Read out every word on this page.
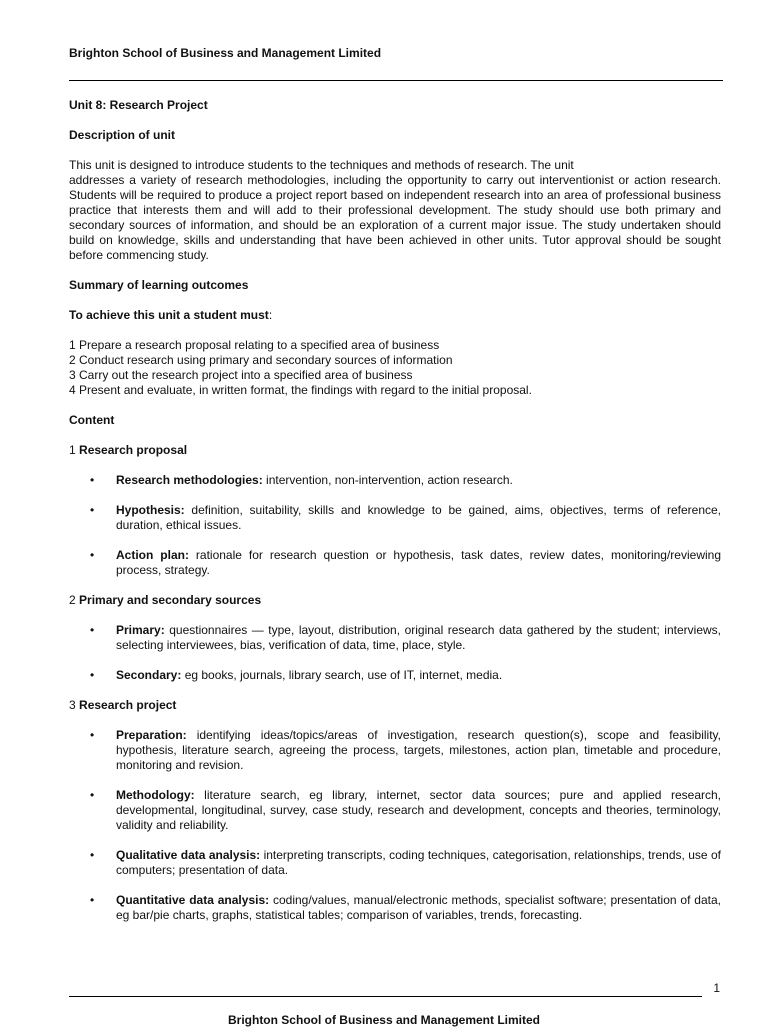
Brighton School of Business and Management Limited

Unit 8: Research Project

Description of unit

This unit is designed to introduce students to the techniques and methods of research. The unit

addresses a variety of research methodologies, including the opportunity to carry out interventionist or action research. Students will be required to produce a project report based on independent research into an area of professional business practice that interests them and will add to their professional development. The study should use both primary and secondary sources of information, and should be an exploration of a current major issue. The study undertaken should build on knowledge, skills and understanding that have been achieved in other units. Tutor approval should be sought before commencing study.

Summary of learning outcomes

To achieve this unit a student must:

1 Prepare a research proposal relating to a specified area of business

2 Conduct research using primary and secondary sources of information

3 Carry out the research project into a specified area of business

4 Present and evaluate, in written format, the findings with regard to the initial proposal.

Content

1 Research proposal

• Research methodologies: intervention, non-intervention, action research.
• Hypothesis: definition, suitability, skills and knowledge to be gained, aims, objectives, terms of reference, duration, ethical issues.
• Action plan: rationale for research question or hypothesis, task dates, review dates, monitoring/reviewing process, strategy.

2 Primary and secondary sources

• Primary: questionnaires — type, layout, distribution, original research data gathered by the student; interviews, selecting interviewees, bias, verification of data, time, place, style.
• Secondary: eg books, journals, library search, use of IT, internet, media.

3 Research project

• Preparation: identifying ideas/topics/areas of investigation, research question(s), scope and feasibility, hypothesis, literature search, agreeing the process, targets, milestones, action plan, timetable and procedure, monitoring and revision.
• Methodology: literature search, eg library, internet, sector data sources; pure and applied research, developmental, longitudinal, survey, case study, research and development, concepts and theories, terminology, validity and reliability.
• Qualitative data analysis: interpreting transcripts, coding techniques, categorisation, relationships, trends, use of computers; presentation of data.
• Quantitative data analysis: coding/values, manual/electronic methods, specialist software; presentation of data, eg bar/pie charts, graphs, statistical tables; comparison of variables, trends, forecasting.
1
Brighton School of Business and Management Limited
